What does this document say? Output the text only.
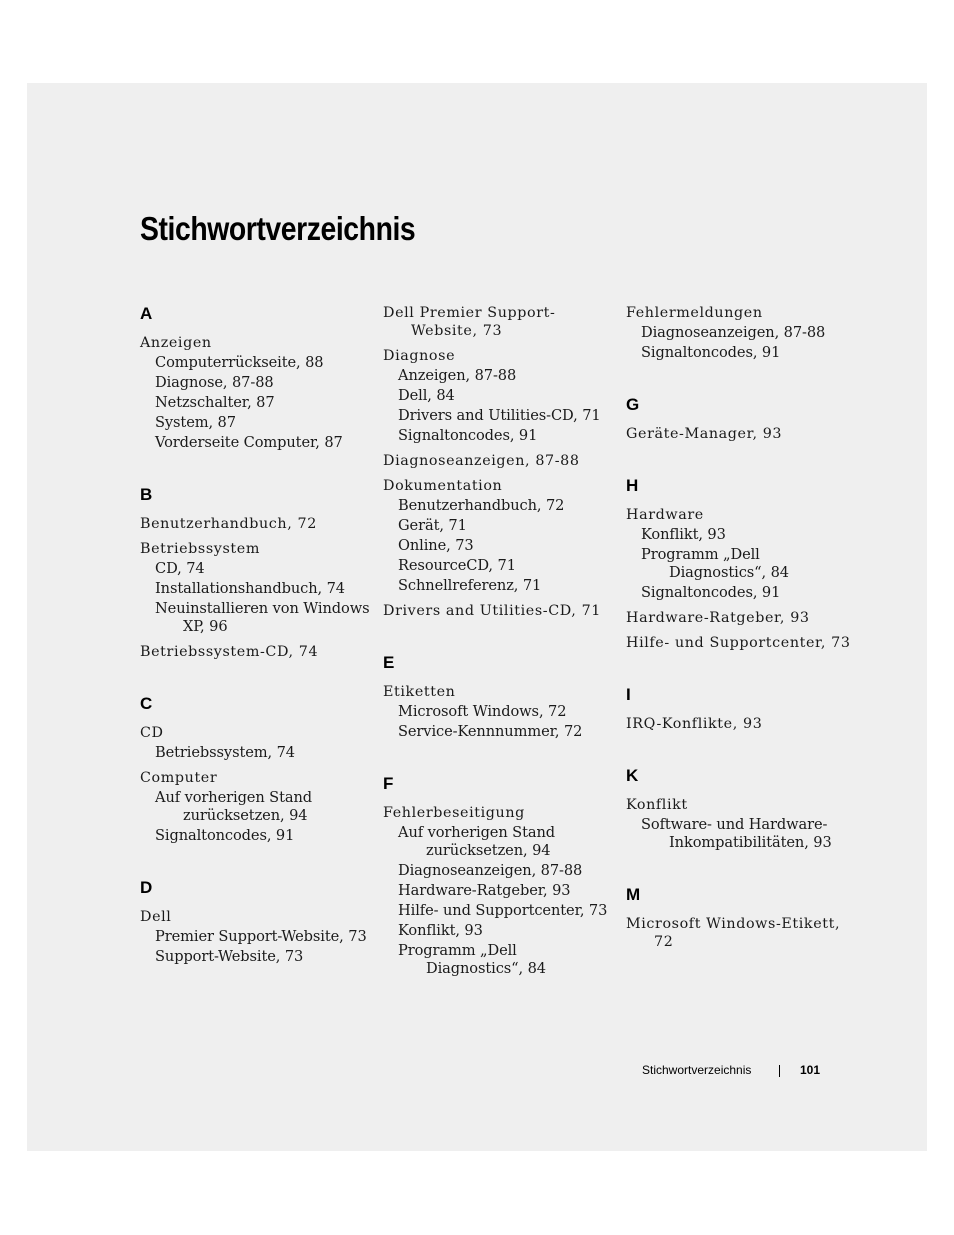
Stichwortverzeichnis
A
Anzeigen
Computerrückseite, 88
Diagnose, 87-88
Netzschalter, 87
System, 87
Vorderseite Computer, 87
B
Benutzerhandbuch, 72
Betriebssystem
CD, 74
Installationshandbuch, 74
Neuinstallieren von Windows XP, 96
Betriebssystem-CD, 74
C
CD
Betriebssystem, 74
Computer
Auf vorherigen Stand zurücksetzen, 94
Signaltoncodes, 91
D
Dell
Premier Support-Website, 73
Support-Website, 73
Dell Premier Support-Website, 73
Diagnose
Anzeigen, 87-88
Dell, 84
Drivers and Utilities-CD, 71
Signaltoncodes, 91
Diagnoseanzeigen, 87-88
Dokumentation
Benutzerhandbuch, 72
Gerät, 71
Online, 73
ResourceCD, 71
Schnellreferenz, 71
Drivers and Utilities-CD, 71
E
Etiketten
Microsoft Windows, 72
Service-Kennnummer, 72
F
Fehlerbeseitigung
Auf vorherigen Stand zurücksetzen, 94
Diagnoseanzeigen, 87-88
Hardware-Ratgeber, 93
Hilfe- und Supportcenter, 73
Konflikt, 93
Programm „Dell Diagnostics“, 84
Fehlermeldungen
Diagnoseanzeigen, 87-88
Signaltoncodes, 91
G
Geräte-Manager, 93
H
Hardware
Konflikt, 93
Programm „Dell Diagnostics“, 84
Signaltoncodes, 91
Hardware-Ratgeber, 93
Hilfe- und Supportcenter, 73
I
IRQ-Konflikte, 93
K
Konflikt
Software- und Hardware-Inkompatibilitäten, 93
M
Microsoft Windows-Etikett, 72
Stichwortverzeichnis	101
